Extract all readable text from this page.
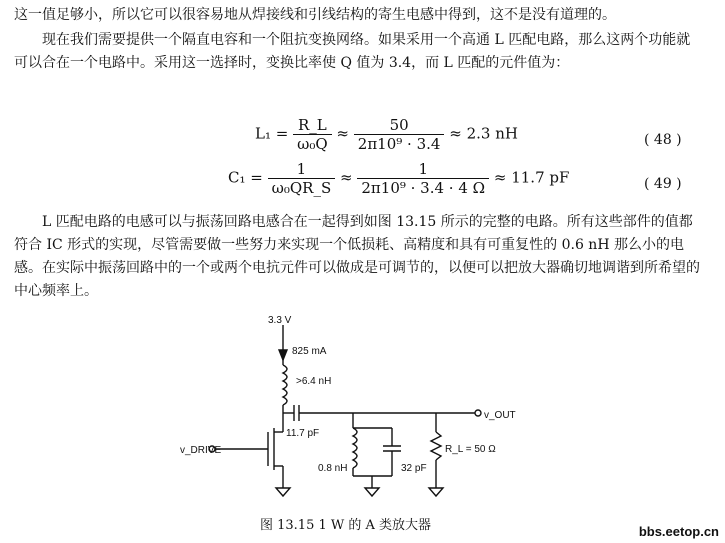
这一值足够小，所以它可以很容易地从焊接线和引线结构的寄生电感中得到，这不是没有道理的。

现在我们需要提供一个隔直电容和一个阻抗变换网络。如果采用一个高通 L 匹配电路，那么这两个功能就可以合在一个电路中。采用这一选择时，变换比率使 Q 值为 3.4，而 L 匹配的元件值为：

$L_1 = \frac{R\_L}{\text{ω₀Q}} \approx \frac{50}{\text{2π10⁹ · 3.4}} \approx 2.3$ nH	( 48 )
$C_1 = \frac{1}{\text{ω₀QR\_S}} \approx \frac{1}{\text{2π10⁹ · 3.4 · 4 Ω}} \approx 11.7$ pF	( 49 )

L 匹配电路的电感可以与振荡回路电感合在一起得到如图 13.15 所示的完整的电路。所有这些部件的值都符合 IC 形式的实现，尽管需要做一些努力来实现一个低损耗、高精度和具有可重复性的 0.6 nH 那么小的电感。在实际中振荡回路中的一个或两个电抗元件可以做成是可调节的，以便可以把放大器确切地调谐到所希望的中心频率上。

3.3 V
825 mA
>6.4 nH
11.7 pF
v_OUT
v_DRIVE
0.8 nH	32 pF
R_L = 50 Ω
图 13.15 1 W 的 A 类放大器	bbs.eetop.cn
